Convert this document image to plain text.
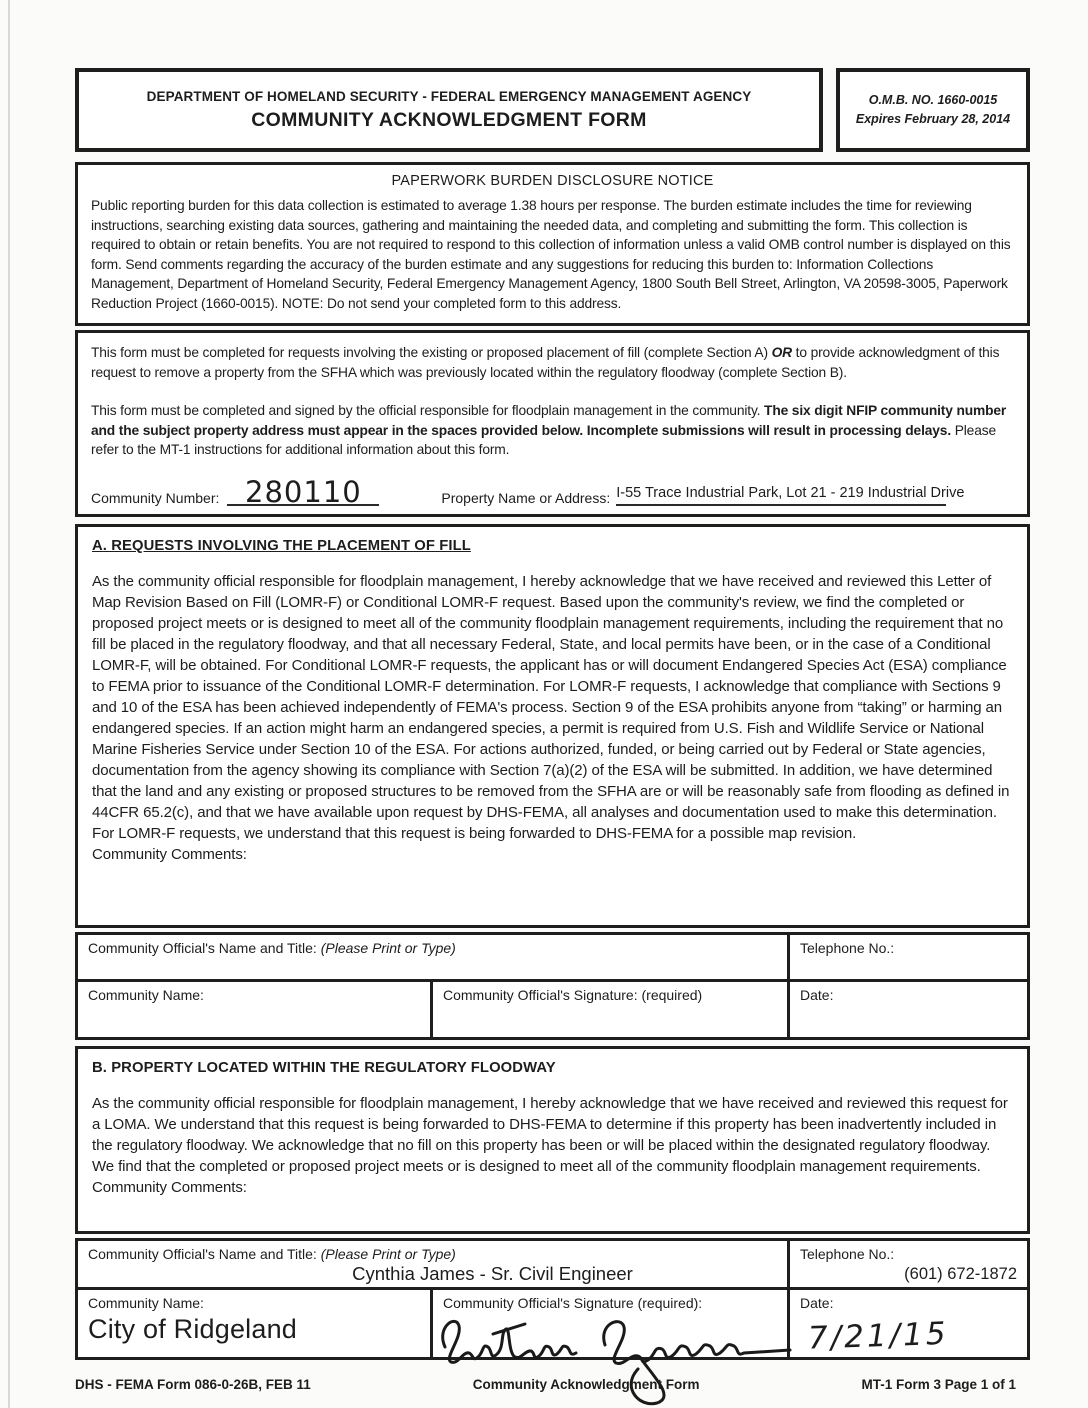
DEPARTMENT OF HOMELAND SECURITY - FEDERAL EMERGENCY MANAGEMENT AGENCY
COMMUNITY ACKNOWLEDGMENT FORM
O.M.B. NO. 1660-0015
Expires February 28, 2014
PAPERWORK BURDEN DISCLOSURE NOTICE

Public reporting burden for this data collection is estimated to average 1.38 hours per response. The burden estimate includes the time for reviewing instructions, searching existing data sources, gathering and maintaining the needed data, and completing and submitting the form. This collection is required to obtain or retain benefits. You are not required to respond to this collection of information unless a valid OMB control number is displayed on this form. Send comments regarding the accuracy of the burden estimate and any suggestions for reducing this burden to: Information Collections Management, Department of Homeland Security, Federal Emergency Management Agency, 1800 South Bell Street, Arlington, VA 20598-3005, Paperwork Reduction Project (1660-0015). NOTE: Do not send your completed form to this address.

This form must be completed for requests involving the existing or proposed placement of fill (complete Section A) OR to provide acknowledgment of this request to remove a property from the SFHA which was previously located within the regulatory floodway (complete Section B).

This form must be completed and signed by the official responsible for floodplain management in the community. The six digit NFIP community number and the subject property address must appear in the spaces provided below. Incomplete submissions will result in processing delays. Please refer to the MT-1 instructions for additional information about this form.

Community Number: 280110	Property Name or Address: I-55 Trace Industrial Park, Lot 21 - 219 Industrial Drive
A. REQUESTS INVOLVING THE PLACEMENT OF FILL

As the community official responsible for floodplain management, I hereby acknowledge that we have received and reviewed this Letter of Map Revision Based on Fill (LOMR-F) or Conditional LOMR-F request. Based upon the community's review, we find the completed or proposed project meets or is designed to meet all of the community floodplain management requirements, including the requirement that no fill be placed in the regulatory floodway, and that all necessary Federal, State, and local permits have been, or in the case of a Conditional LOMR-F, will be obtained. For Conditional LOMR-F requests, the applicant has or will document Endangered Species Act (ESA) compliance to FEMA prior to issuance of the Conditional LOMR-F determination. For LOMR-F requests, I acknowledge that compliance with Sections 9 and 10 of the ESA has been achieved independently of FEMA's process. Section 9 of the ESA prohibits anyone from “taking” or harming an endangered species. If an action might harm an endangered species, a permit is required from U.S. Fish and Wildlife Service or National Marine Fisheries Service under Section 10 of the ESA. For actions authorized, funded, or being carried out by Federal or State agencies, documentation from the agency showing its compliance with Section 7(a)(2) of the ESA will be submitted. In addition, we have determined that the land and any existing or proposed structures to be removed from the SFHA are or will be reasonably safe from flooding as defined in 44CFR 65.2(c), and that we have available upon request by DHS-FEMA, all analyses and documentation used to make this determination. For LOMR-F requests, we understand that this request is being forwarded to DHS-FEMA for a possible map revision.

Community Comments:
Community Official's Name and Title: (Please Print or Type)	Telephone No.:
Community Name:	Community Official's Signature: (required)	Date:
B. PROPERTY LOCATED WITHIN THE REGULATORY FLOODWAY

As the community official responsible for floodplain management, I hereby acknowledge that we have received and reviewed this request for a LOMA. We understand that this request is being forwarded to DHS-FEMA to determine if this property has been inadvertently included in the regulatory floodway. We acknowledge that no fill on this property has been or will be placed within the designated regulatory floodway. We find that the completed or proposed project meets or is designed to meet all of the community floodplain management requirements.

Community Comments:
Community Official's Name and Title: (Please Print or Type)
Cynthia James - Sr. Civil Engineer
Telephone No.:
(601) 672-1872
Community Name:
City of Ridgeland
Community Official's Signature (required):	Date:
7/21/15
DHS - FEMA Form 086-0-26B, FEB 11	Community Acknowledgment Form	MT-1 Form 3 Page 1 of 1
